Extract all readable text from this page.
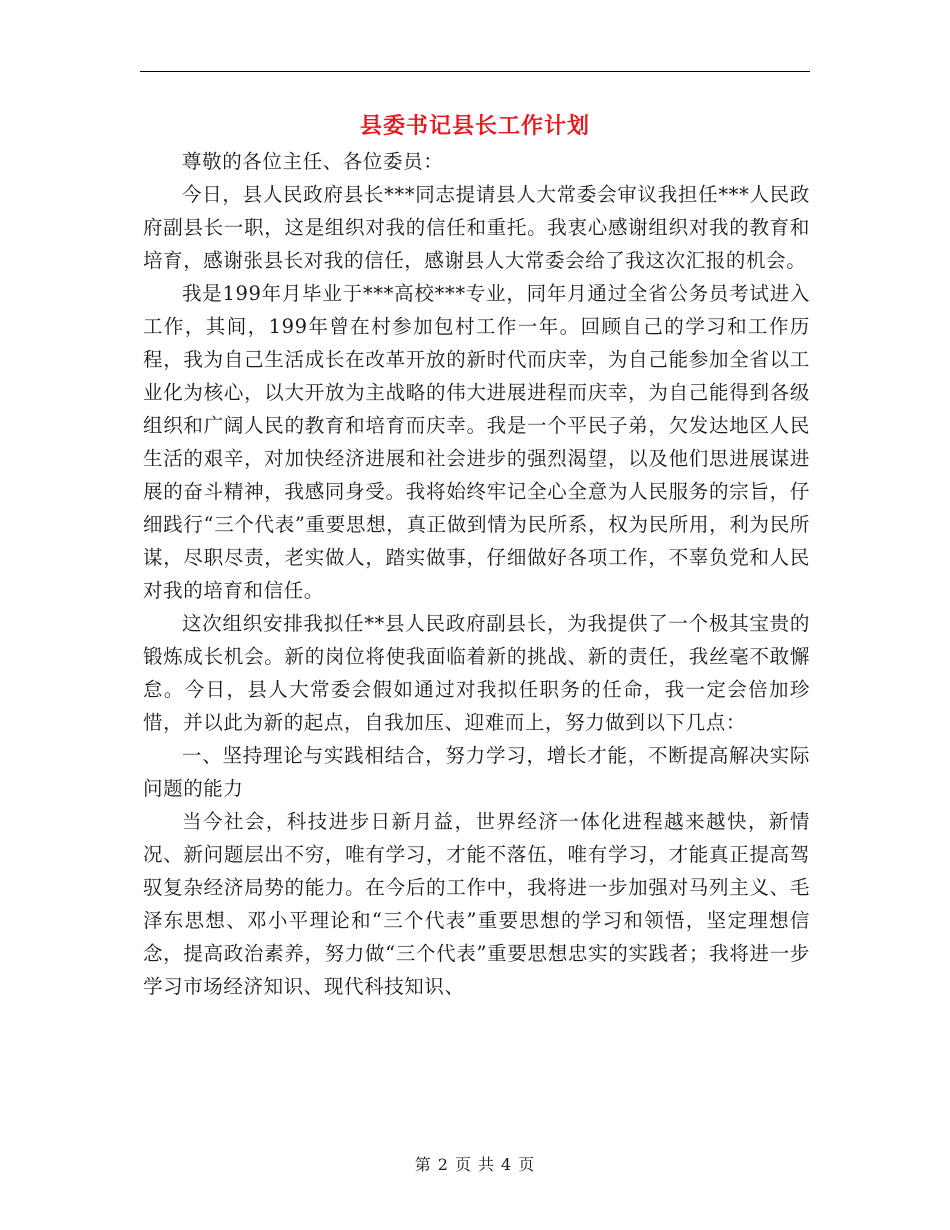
县委书记县长工作计划

尊敬的各位主任、各位委员：

今日，县人民政府县长***同志提请县人大常委会审议我担任***人民政府副县长一职，这是组织对我的信任和重托。我衷心感谢组织对我的教育和培育，感谢张县长对我的信任，感谢县人大常委会给了我这次汇报的机会。

我是199年月毕业于***高校***专业，同年月通过全省公务员考试进入工作，其间，199年曾在村参加包村工作一年。回顾自己的学习和工作历程，我为自己生活成长在改革开放的新时代而庆幸，为自己能参加全省以工业化为核心，以大开放为主战略的伟大进展进程而庆幸，为自己能得到各级组织和广阔人民的教育和培育而庆幸。我是一个平民子弟，欠发达地区人民生活的艰辛，对加快经济进展和社会进步的强烈渴望，以及他们思进展谋进展的奋斗精神，我感同身受。我将始终牢记全心全意为人民服务的宗旨，仔细践行“三个代表”重要思想，真正做到情为民所系，权为民所用，利为民所谋，尽职尽责，老实做人，踏实做事，仔细做好各项工作，不辜负党和人民对我的培育和信任。

这次组织安排我拟任**县人民政府副县长，为我提供了一个极其宝贵的锻炼成长机会。新的岗位将使我面临着新的挑战、新的责任，我丝毫不敢懈怠。今日，县人大常委会假如通过对我拟任职务的任命，我一定会倍加珍惜，并以此为新的起点，自我加压、迎难而上，努力做到以下几点：

一、坚持理论与实践相结合，努力学习，增长才能，不断提高解决实际问题的能力

当今社会，科技进步日新月益，世界经济一体化进程越来越快，新情况、新问题层出不穷，唯有学习，才能不落伍，唯有学习，才能真正提高驾驭复杂经济局势的能力。在今后的工作中，我将进一步加强对马列主义、毛泽东思想、邓小平理论和“三个代表”重要思想的学习和领悟，坚定理想信念，提高政治素养，努力做“三个代表”重要思想忠实的实践者；我将进一步学习市场经济知识、现代科技知识、

第 2 页 共 4 页
